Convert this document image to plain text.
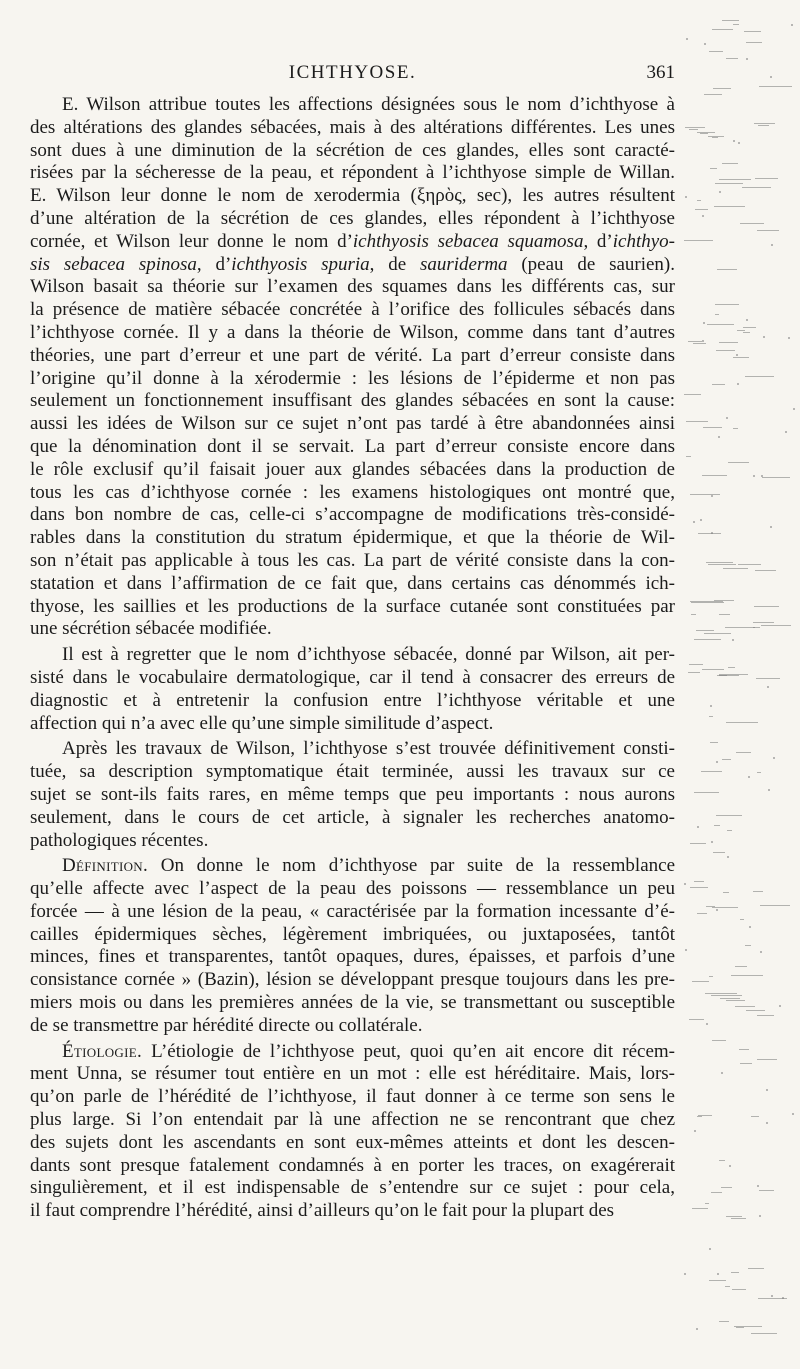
ICHTHYOSE.	361

E. Wilson attribue toutes les affections désignées sous le nom d’ichthyose à
des altérations des glandes sébacées, mais à des altérations différentes. Les unes
sont dues à une diminution de la sécrétion de ces glandes, elles sont caracté-
risées par la sécheresse de la peau, et répondent à l’ichthyose simple de Willan.
E. Wilson leur donne le nom de xerodermia (ξηρὸς, sec), les autres résultent
d’une altération de la sécrétion de ces glandes, elles répondent à l’ichthyose
cornée, et Wilson leur donne le nom d’ichthyosis sebacea squamosa, d’ichthyo-
sis sebacea spinosa, d’ichthyosis spuria, de sauriderma (peau de saurien).
Wilson basait sa théorie sur l’examen des squames dans les différents cas, sur
la présence de matière sébacée concrétée à l’orifice des follicules sébacés dans
l’ichthyose cornée. Il y a dans la théorie de Wilson, comme dans tant d’autres
théories, une part d’erreur et une part de vérité. La part d’erreur consiste dans
l’origine qu’il donne à la xérodermie : les lésions de l’épiderme et non pas
seulement un fonctionnement insuffisant des glandes sébacées en sont la cause:
aussi les idées de Wilson sur ce sujet n’ont pas tardé à être abandonnées ainsi
que la dénomination dont il se servait. La part d’erreur consiste encore dans
le rôle exclusif qu’il faisait jouer aux glandes sébacées dans la production de
tous les cas d’ichthyose cornée : les examens histologiques ont montré que,
dans bon nombre de cas, celle-ci s’accompagne de modifications très-considé-
rables dans la constitution du stratum épidermique, et que la théorie de Wil-
son n’était pas applicable à tous les cas. La part de vérité consiste dans la con-
statation et dans l’affirmation de ce fait que, dans certains cas dénommés ich-
thyose, les saillies et les productions de la surface cutanée sont constituées par
une sécrétion sébacée modifiée.

Il est à regretter que le nom d’ichthyose sébacée, donné par Wilson, ait per-
sisté dans le vocabulaire dermatologique, car il tend à consacrer des erreurs de
diagnostic et à entretenir la confusion entre l’ichthyose véritable et une
affection qui n’a avec elle qu’une simple similitude d’aspect.

Après les travaux de Wilson, l’ichthyose s’est trouvée définitivement consti-
tuée, sa description symptomatique était terminée, aussi les travaux sur ce
sujet se sont-ils faits rares, en même temps que peu importants : nous aurons
seulement, dans le cours de cet article, à signaler les recherches anatomo-
pathologiques récentes.

Définition. On donne le nom d’ichthyose par suite de la ressemblance
qu’elle affecte avec l’aspect de la peau des poissons — ressemblance un peu
forcée — à une lésion de la peau, « caractérisée par la formation incessante d’é-
cailles épidermiques sèches, légèrement imbriquées, ou juxtaposées, tantôt
minces, fines et transparentes, tantôt opaques, dures, épaisses, et parfois d’une
consistance cornée » (Bazin), lésion se développant presque toujours dans les pre-
miers mois ou dans les premières années de la vie, se transmettant ou susceptible
de se transmettre par hérédité directe ou collatérale.

Étiologie. L’étiologie de l’ichthyose peut, quoi qu’en ait encore dit récem-
ment Unna, se résumer tout entière en un mot : elle est héréditaire. Mais, lors-
qu’on parle de l’hérédité de l’ichthyose, il faut donner à ce terme son sens le
plus large. Si l’on entendait par là une affection ne se rencontrant que chez
des sujets dont les ascendants en sont eux-mêmes atteints et dont les descen-
dants sont presque fatalement condamnés à en porter les traces, on exagérerait
singulièrement, et il est indispensable de s’entendre sur ce sujet : pour cela,
il faut comprendre l’hérédité, ainsi d’ailleurs qu’on le fait pour la plupart des
